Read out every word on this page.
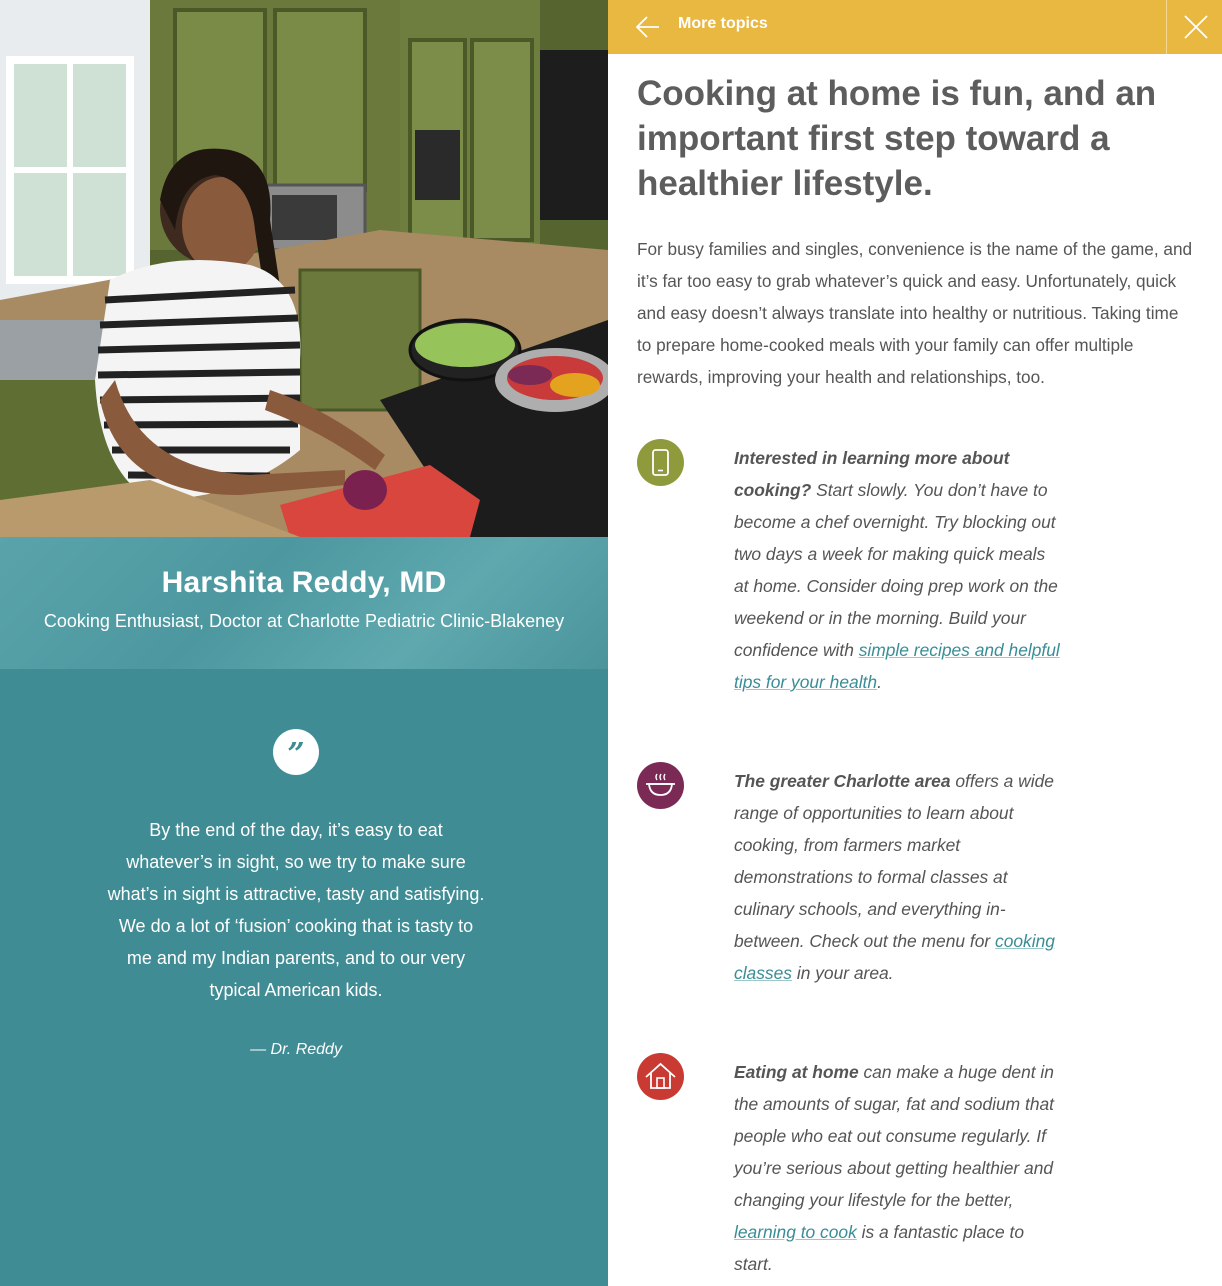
Harshita Reddy, MD
Cooking Enthusiast, Doctor at Charlotte Pediatric Clinic-Blakeney
”
By the end of the day, it’s easy to eat whatever’s in sight, so we try to make sure what’s in sight is attractive, tasty and satisfying. We do a lot of ‘fusion’ cooking that is tasty to me and my Indian parents, and to our very typical American kids.
— Dr. Reddy
More topics
Cooking at home is fun, and an important first step toward a healthier lifestyle.

For busy families and singles, convenience is the name of the game, and it’s far too easy to grab whatever’s quick and easy. Unfortunately, quick and easy doesn’t always translate into healthy or nutritious. Taking time to prepare home-cooked meals with your family can offer multiple rewards, improving your health and relationships, too.

Interested in learning more about cooking? Start slowly. You don’t have to become a chef overnight. Try blocking out two days a week for making quick meals at home. Consider doing prep work on the weekend or in the morning. Build your confidence with simple recipes and helpful tips for your health.
The greater Charlotte area offers a wide range of opportunities to learn about cooking, from farmers market demonstrations to formal classes at culinary schools, and everything in-between. Check out the menu for cooking classes in your area.
Eating at home can make a huge dent in the amounts of sugar, fat and sodium that people who eat out consume regularly. If you’re serious about getting healthier and changing your lifestyle for the better, learning to cook is a fantastic place to start.
